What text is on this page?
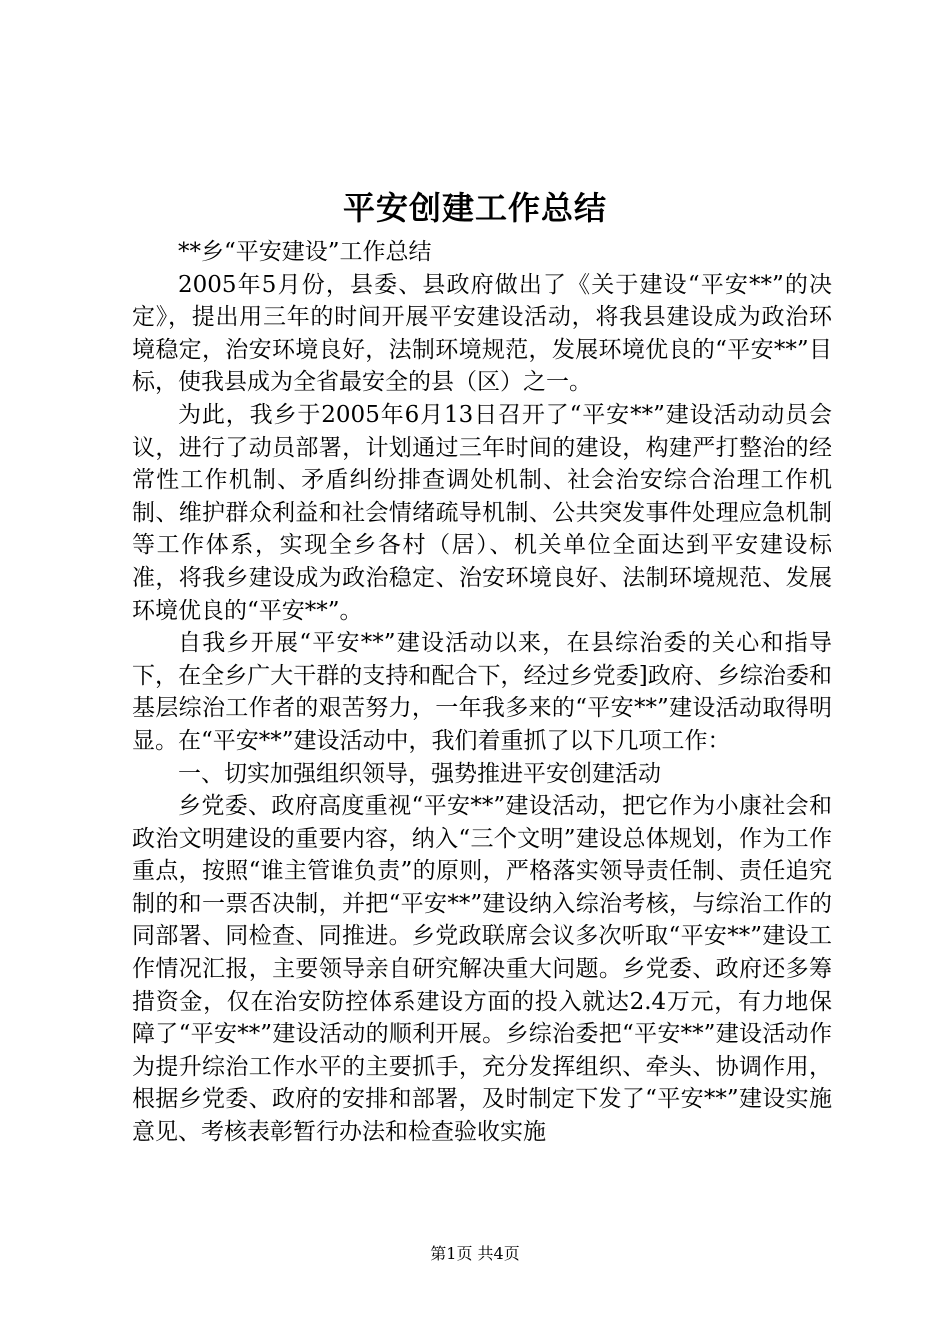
平安创建工作总结

**乡“平安建设”工作总结

2005年5月份，县委、县政府做出了《关于建设“平安**”的决定》，提出用三年的时间开展平安建设活动，将我县建设成为政治环境稳定，治安环境良好，法制环境规范，发展环境优良的“平安**”目标，使我县成为全省最安全的县（区）之一。

为此，我乡于2005年6月13日召开了“平安**”建设活动动员会议，进行了动员部署，计划通过三年时间的建设，构建严打整治的经常性工作机制、矛盾纠纷排查调处机制、社会治安综合治理工作机制、维护群众利益和社会情绪疏导机制、公共突发事件处理应急机制等工作体系，实现全乡各村（居）、机关单位全面达到平安建设标准，将我乡建设成为政治稳定、治安环境良好、法制环境规范、发展环境优良的“平安**”。

自我乡开展“平安**”建设活动以来，在县综治委的关心和指导下，在全乡广大干群的支持和配合下，经过乡党委]政府、乡综治委和基层综治工作者的艰苦努力，一年我多来的“平安**”建设活动取得明显。在“平安**”建设活动中，我们着重抓了以下几项工作：

一、切实加强组织领导，强势推进平安创建活动

乡党委、政府高度重视“平安**”建设活动，把它作为小康社会和政治文明建设的重要内容，纳入“三个文明”建设总体规划，作为工作重点，按照“谁主管谁负责”的原则，严格落实领导责任制、责任追究制的和一票否决制，并把“平安**”建设纳入综治考核，与综治工作的同部署、同检查、同推进。乡党政联席会议多次听取“平安**”建设工作情况汇报，主要领导亲自研究解决重大问题。乡党委、政府还多筹措资金，仅在治安防控体系建设方面的投入就达2.4万元，有力地保障了“平安**”建设活动的顺利开展。乡综治委把“平安**”建设活动作为提升综治工作水平的主要抓手，充分发挥组织、牵头、协调作用，根据乡党委、政府的安排和部署，及时制定下发了“平安**”建设实施意见、考核表彰暂行办法和检查验收实施

第1页 共4页
